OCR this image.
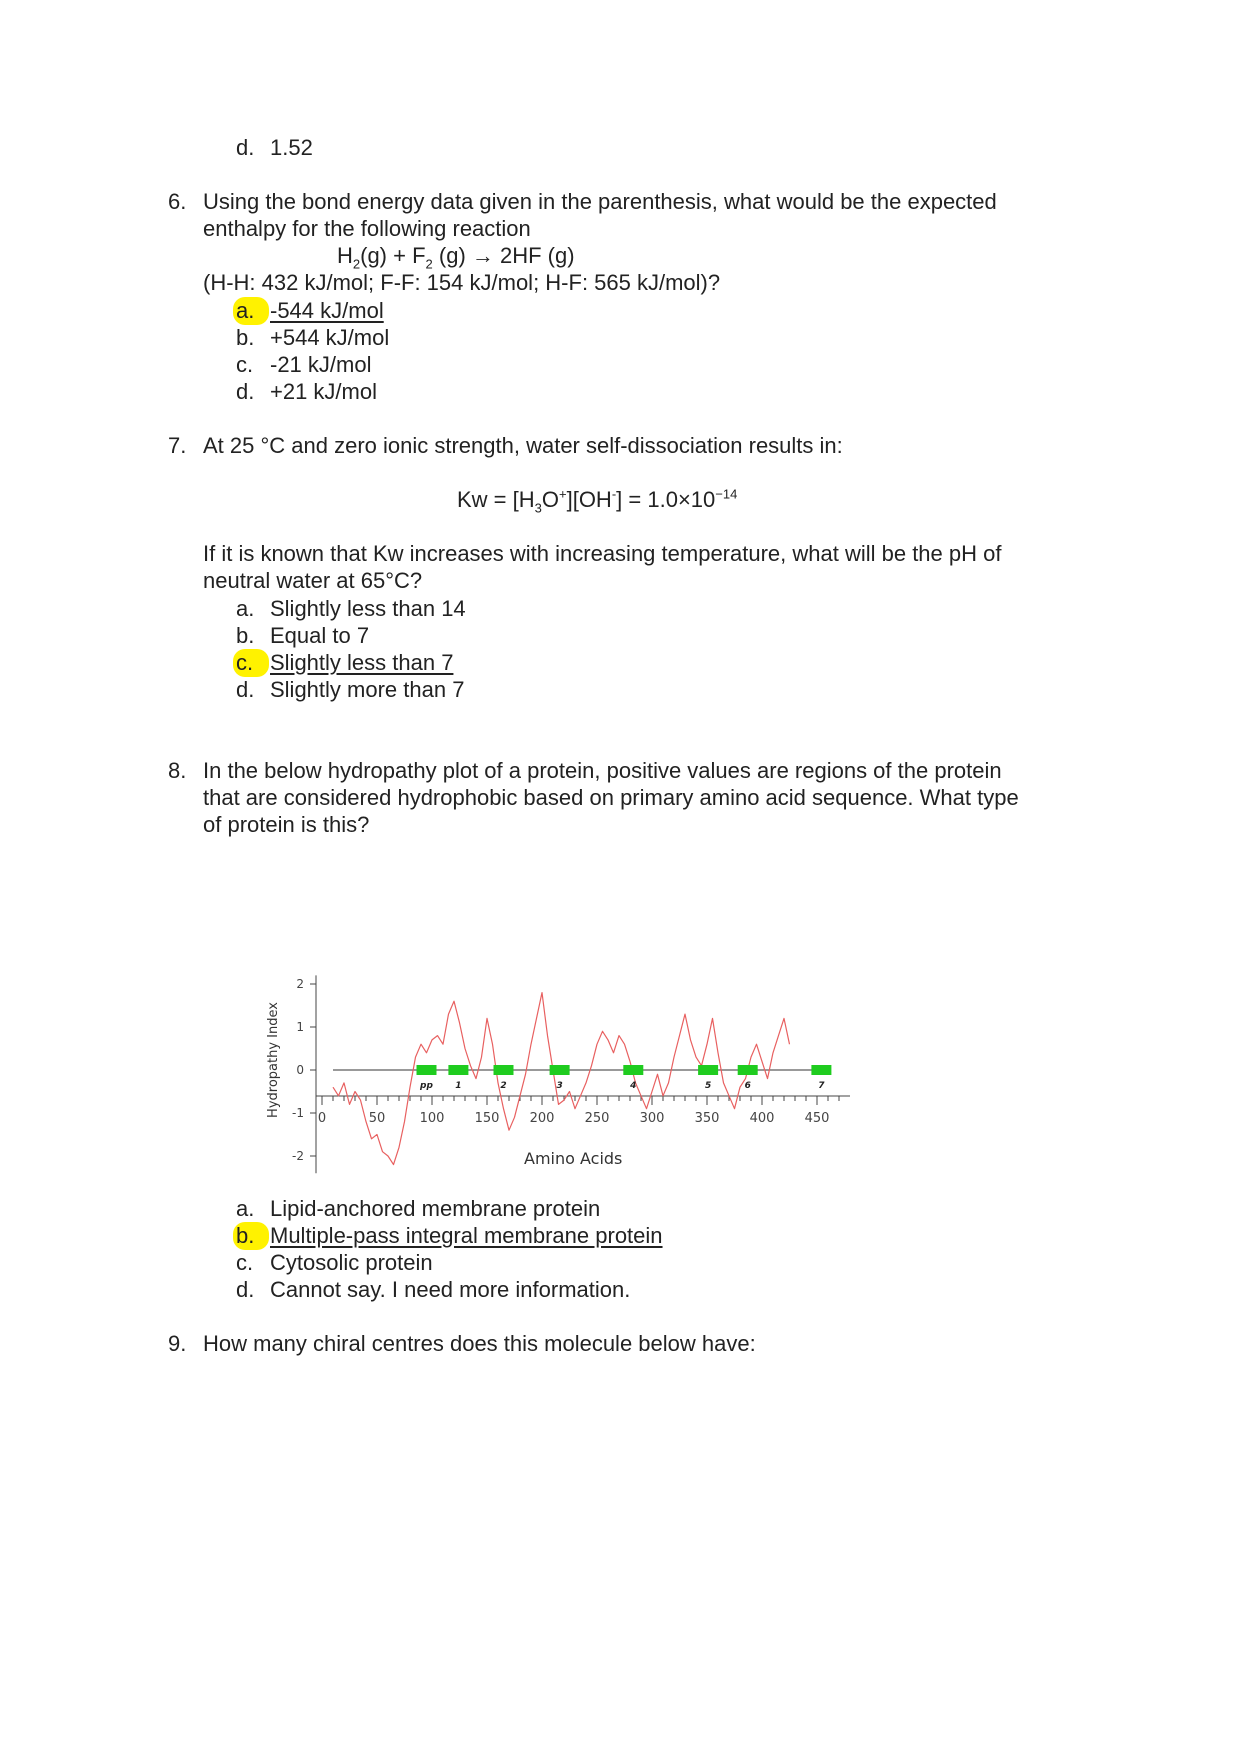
d. 1.52
6. Using the bond energy data given in the parenthesis, what would be the expected
enthalpy for the following reaction
$H_2(g) + F_2$ (g) → 2HF (g)
(H-H: 432 kJ/mol; F-F: 154 kJ/mol; H-F: 565 kJ/mol)?
a. -544 kJ/mol
b. +544 kJ/mol
c. -21 kJ/mol
d. +21 kJ/mol
7. At 25 °C and zero ionic strength, water self-dissociation results in:
$Kw = [H_3O^+][OH^-] = 1.0\times 10^{-14}$
If it is known that Kw increases with increasing temperature, what will be the pH of
neutral water at 65°C?
a. Slightly less than 14
b. Equal to 7
c. Slightly less than 7
d. Slightly more than 7
8. In the below hydropathy plot of a protein, positive values are regions of the protein
that are considered hydrophobic based on primary amino acid sequence. What type
of protein is this?
Hydropathy Index
-2
-1
0
1
2
0	50	100 150 200 250 300 350 400 450
pp 1	2	3	4	5	6	7
Amino Acids
a. Lipid-anchored membrane protein
b. Multiple-pass integral membrane protein
c. Cytosolic protein
d. Cannot say. I need more information.
9. How many chiral centres does this molecule below have:
